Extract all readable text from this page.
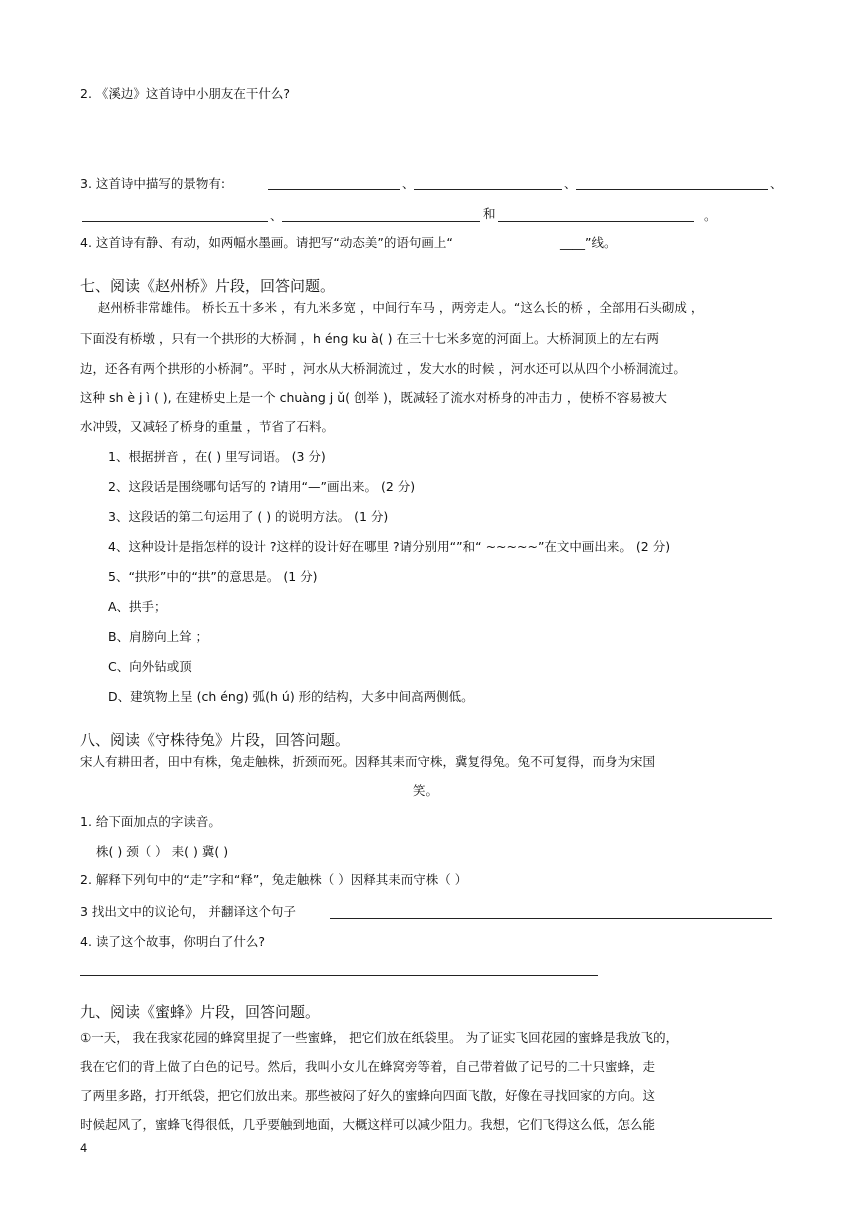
2. 《溪边》这首诗中小朋友在干什么?
3. 这首诗中描写的景物有:	、	、	、
、	和	。
4. 这首诗有静、有动，如两幅水墨画。请把写“动态美”的语句画上“	____”线。
七、阅读《赵州桥》片段，回答问题。
赵州桥非常雄伟。 桥长五十多米 ，有九米多宽 ，中间行车马 ，两旁走人。“这么长的桥 ，全部用石头砌成 ，
下面没有桥墩 ，只有一个拱形的大桥洞 ，h éng ku à( ) 在三十七米多宽的河面上。大桥洞顶上的左右两
边，还各有两个拱形的小桥洞”。平时 ，河水从大桥洞流过 ，发大水的时候 ，河水还可以从四个小桥洞流过。
这种 sh è j ì ( ), 在建桥史上是一个 chuàng j ǔ( 创举 )，既减轻了流水对桥身的冲击力 ，使桥不容易被大
水冲毁，又减轻了桥身的重量 ，节省了石料。
1、根据拼音 ，在( ) 里写词语。 (3 分)
2、这段话是围绕哪句话写的 ?请用“—”画出来。 (2 分)
3、这段话的第二句运用了 ( ) 的说明方法。 (1 分)
4、这种设计是指怎样的设计 ?这样的设计好在哪里 ?请分别用“”和“ ~~~~~”在文中画出来。 (2 分)
5、“拱形”中的“拱”的意思是。 (1 分)
A、拱手；
B、肩膀向上耸 ；
C、向外钻或顶
D、建筑物上呈 (ch éng) 弧(h ú) 形的结构，大多中间高两侧低。
八、阅读《守株待兔》片段，回答问题。
宋人有耕田者，田中有株，兔走触株，折颈而死。因释其耒而守株，冀复得兔。兔不可复得，而身为宋国
笑。
1. 给下面加点的字读音。
株( ) 颈（ ） 耒( ) 冀( )
2. 解释下列句中的“走”字和“释”，兔走触株（ ）因释其耒而守株（ ）
3 找出文中的议论句， 并翻译这个句子
4. 读了这个故事，你明白了什么?
九、阅读《蜜蜂》片段，回答问题。
①一天， 我在我家花园的蜂窝里捉了一些蜜蜂， 把它们放在纸袋里。 为了证实飞回花园的蜜蜂是我放飞的，
我在它们的背上做了白色的记号。然后，我叫小女儿在蜂窝旁等着，自己带着做了记号的二十只蜜蜂，走
了两里多路，打开纸袋，把它们放出来。那些被闷了好久的蜜蜂向四面飞散，好像在寻找回家的方向。这
时候起风了，蜜蜂飞得很低，几乎要触到地面，大概这样可以减少阻力。我想，它们飞得这么低，怎么能
4
